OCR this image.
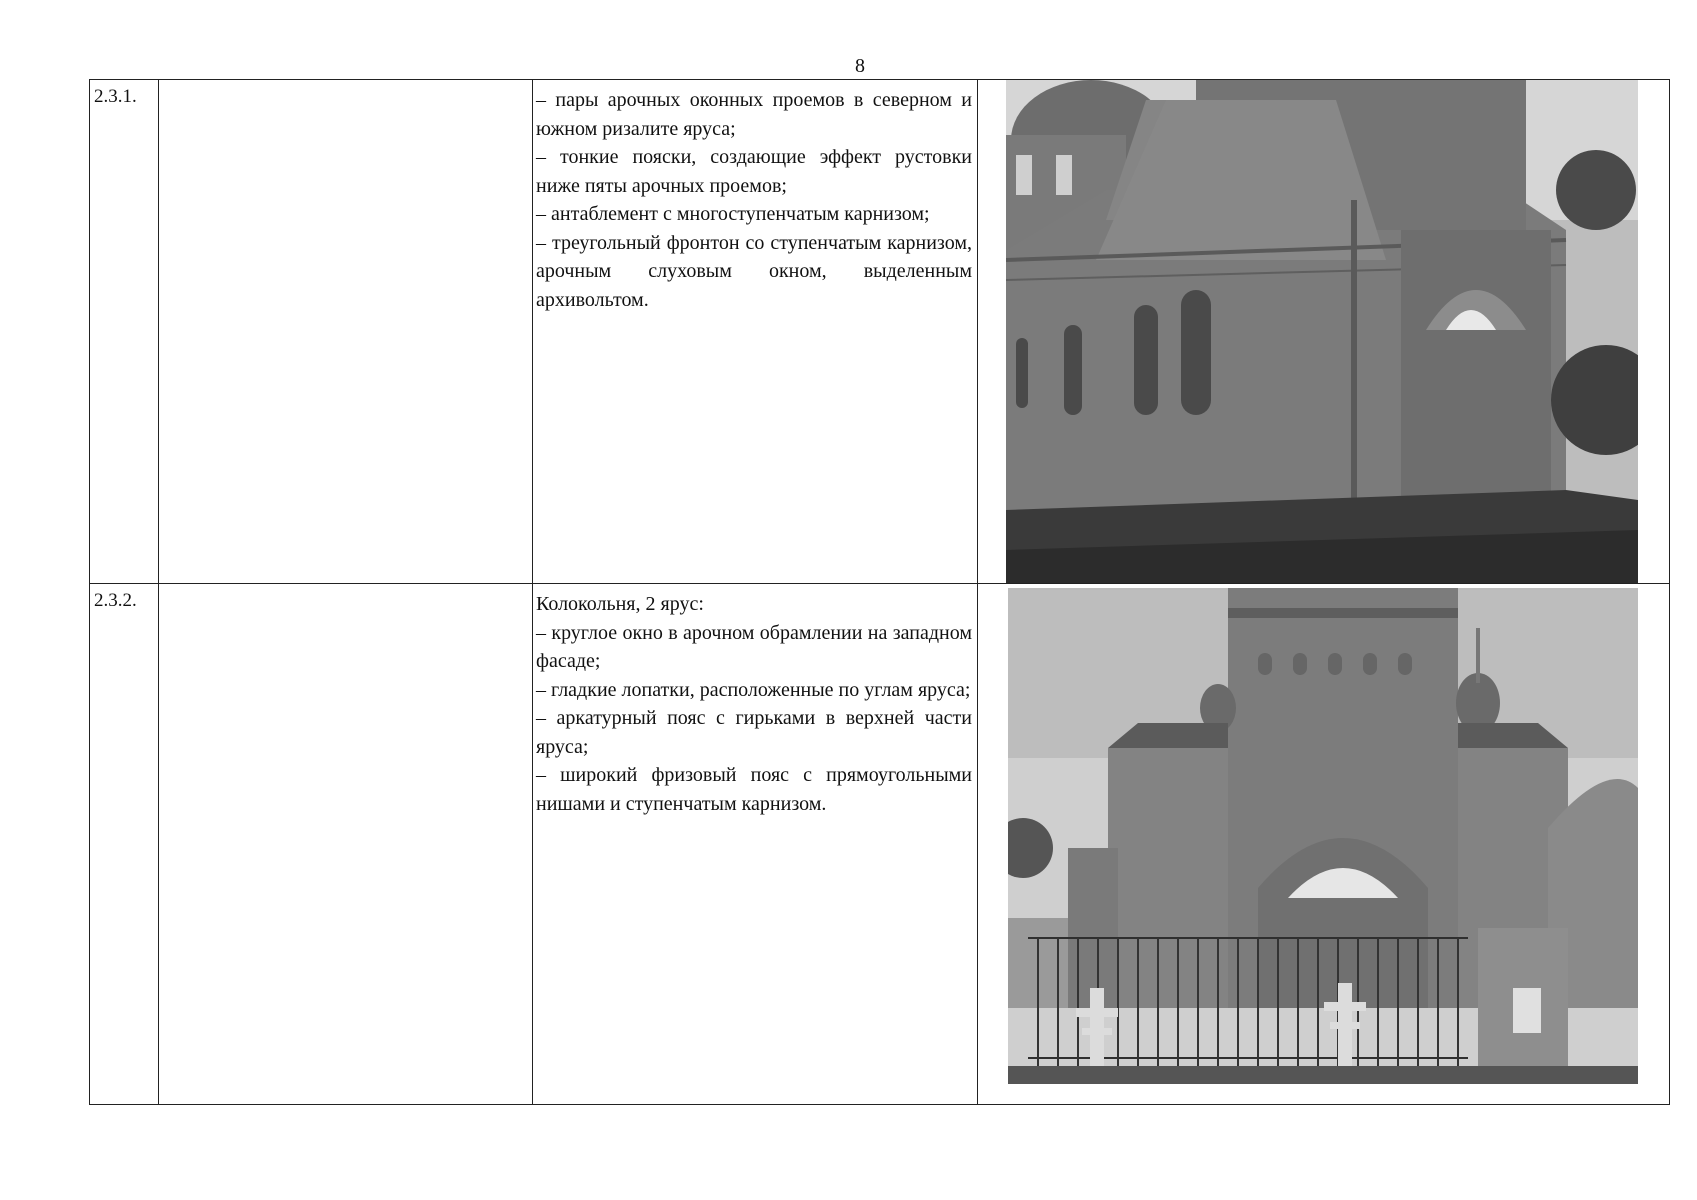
8
2.3.1.		– пары арочных оконных проемов в северном и южном ризалите яруса;
– тонкие пояски, создающие эффект рустовки ниже пяты арочных проемов;
– антаблемент с многоступенчатым карнизом;
– треугольный фронтон со ступенчатым карнизом, арочным слуховым окном, выделенным архивольтом.

2.3.2.		Колокольня, 2 ярус:
– круглое окно в арочном обрамлении на западном фасаде;
– гладкие лопатки, расположенные по углам яруса;
– аркатурный пояс с гирьками в верхней части яруса;
– широкий фризовый пояс с прямоугольными нишами и ступенчатым карнизом.
